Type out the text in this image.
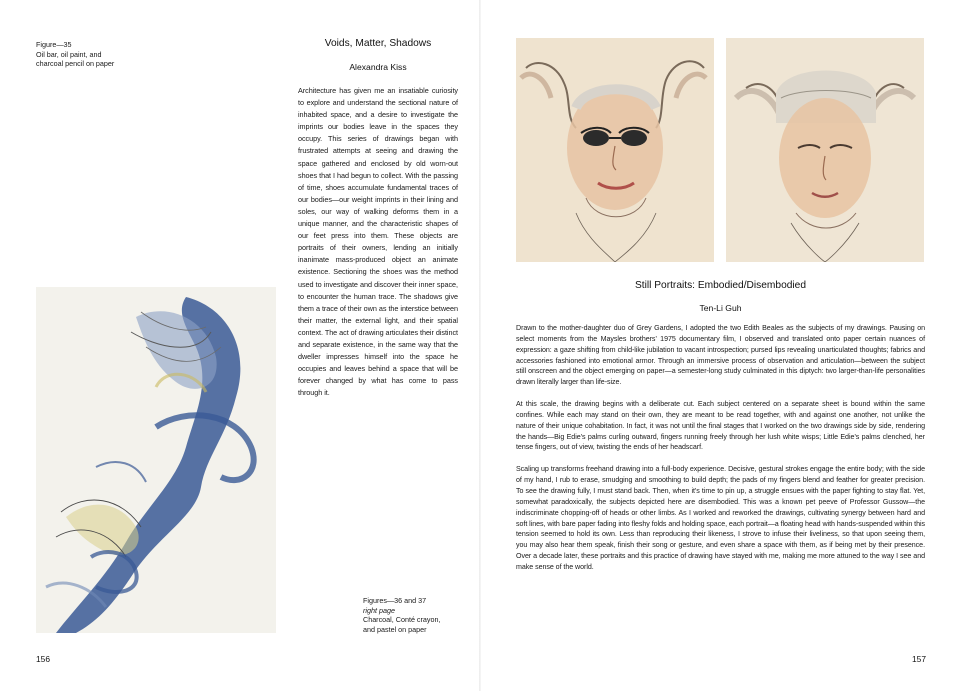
Figure—35
Oil bar, oil paint, and
charcoal pencil on paper
Voids, Matter, Shadows
Alexandra Kiss
Architecture has given me an insatiable curiosity to explore and understand the sectional nature of inhabited space, and a desire to investigate the imprints our bodies leave in the spaces they occupy. This series of drawings began with frustrated attempts at seeing and drawing the space gathered and enclosed by old worn-out shoes that I had begun to collect. With the passing of time, shoes accumulate fundamental traces of our bodies—our weight imprints in their lining and soles, our way of walking deforms them in a unique manner, and the characteristic shapes of our feet press into them. These objects are portraits of their owners, lending an initially inanimate mass-produced object an animate existence. Sectioning the shoes was the method used to investigate and discover their inner space, to encounter the human trace. The shadows give them a trace of their own as the interstice between their matter, the external light, and their spatial context. The act of drawing articulates their distinct and separate existence, in the same way that the dweller impresses himself into the space he occupies and leaves behind a space that will be forever changed by what has come to pass through it.
Figures—36 and 37
right page
Charcoal, Conté crayon,
and pastel on paper
156
Still Portraits: Embodied/Disembodied
Ten-Li Guh

Drawn to the mother-daughter duo of Grey Gardens, I adopted the two Edith Beales as the subjects of my drawings. Pausing on select moments from the Maysles brothers’ 1975 documentary film, I observed and translated onto paper certain nuances of expression: a gaze shifting from child-like jubilation to vacant introspection; pursed lips revealing unarticulated thoughts; fabrics and accessories fashioned into emotional armor. Through an immersive process of observation and articulation—between the subject still onscreen and the object emerging on paper—a semester-long study culminated in this diptych: two larger-than-life personalities drawn literally larger than life-size.

At this scale, the drawing begins with a deliberate cut. Each subject centered on a separate sheet is bound within the same confines. While each may stand on their own, they are meant to be read together, with and against one another, not unlike the nature of their unique cohabitation. In fact, it was not until the final stages that I worked on the two drawings side by side, rendering the hands—Big Edie’s palms curling outward, fingers running freely through her lush white wisps; Little Edie’s palms clenched, her tense fingers, out of view, twisting the ends of her headscarf.

Scaling up transforms freehand drawing into a full-body experience. Decisive, gestural strokes engage the entire body; with the side of my hand, I rub to erase, smudging and smoothing to build depth; the pads of my fingers blend and feather for greater precision. To see the drawing fully, I must stand back. Then, when it’s time to pin up, a struggle ensues with the paper fighting to stay flat. Yet, somewhat paradoxically, the subjects depicted here are disembodied. This was a known pet peeve of Professor Gussow—the indiscriminate chopping-off of heads or other limbs. As I worked and reworked the drawings, cultivating synergy between hard and soft lines, with bare paper fading into fleshy folds and holding space, each portrait—a floating head with hands-suspended within this tension seemed to hold its own. Less than reproducing their likeness, I strove to infuse their liveliness, so that upon seeing them, you may also hear them speak, finish their song or gesture, and even share a space with them, as if being met by their presence. Over a decade later, these portraits and this practice of drawing have stayed with me, making me more attuned to the way I see and make sense of the world.

157
